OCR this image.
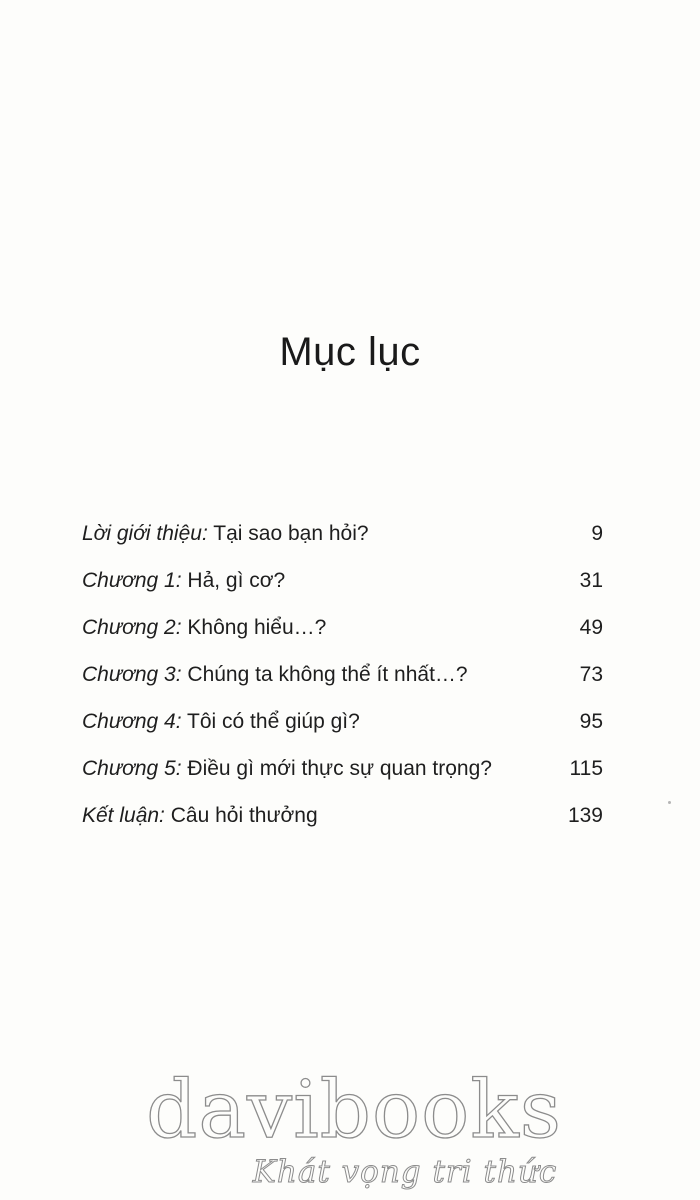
Mục lục
Lời giới thiệu: Tại sao bạn hỏi?	9
Chương 1: Hả, gì cơ?	31
Chương 2: Không hiểu…?	49
Chương 3: Chúng ta không thể ít nhất…?	73
Chương 4: Tôi có thể giúp gì?	95
Chương 5: Điều gì mới thực sự quan trọng?	115
Kết luận: Câu hỏi thưởng	139
davibooks
Khát vọng tri thức
